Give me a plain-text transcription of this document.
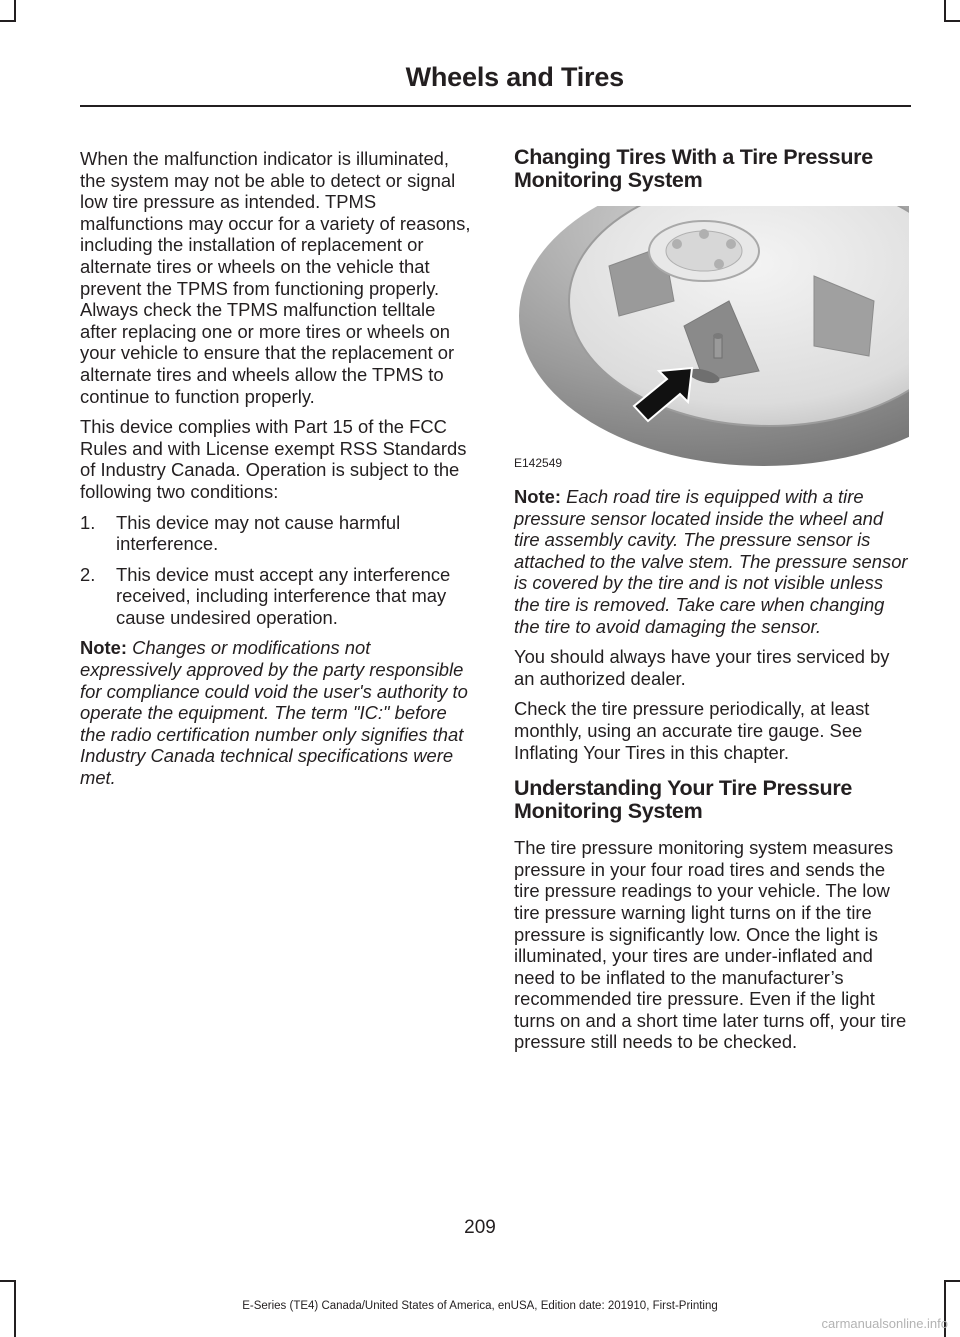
Wheels and Tires

When the malfunction indicator is illuminated, the system may not be able to detect or signal low tire pressure as intended. TPMS malfunctions may occur for a variety of reasons, including the installation of replacement or alternate tires or wheels on the vehicle that prevent the TPMS from functioning properly. Always check the TPMS malfunction telltale after replacing one or more tires or wheels on your vehicle to ensure that the replacement or alternate tires and wheels allow the TPMS to continue to function properly.

This device complies with Part 15 of the FCC Rules and with License exempt RSS Standards of Industry Canada. Operation is subject to the following two conditions:

1. This device may not cause harmful interference.
2. This device must accept any interference received, including interference that may cause undesired operation.

Note: Changes or modifications not expressively approved by the party responsible for compliance could void the user's authority to operate the equipment. The term "IC:" before the radio certification number only signifies that Industry Canada technical specifications were met.

Changing Tires With a Tire Pressure Monitoring System
E142549

Note: Each road tire is equipped with a tire pressure sensor located inside the wheel and tire assembly cavity. The pressure sensor is attached to the valve stem. The pressure sensor is covered by the tire and is not visible unless the tire is removed. Take care when changing the tire to avoid damaging the sensor.

You should always have your tires serviced by an authorized dealer.

Check the tire pressure periodically, at least monthly, using an accurate tire gauge. See Inflating Your Tires in this chapter.

Understanding Your Tire Pressure Monitoring System

The tire pressure monitoring system measures pressure in your four road tires and sends the tire pressure readings to your vehicle. The low tire pressure warning light turns on if the tire pressure is significantly low. Once the light is illuminated, your tires are under-inflated and need to be inflated to the manufacturer’s recommended tire pressure. Even if the light turns on and a short time later turns off, your tire pressure still needs to be checked.

209
E-Series (TE4) Canada/United States of America, enUSA, Edition date: 201910, First-Printing
carmanualsonline.info
